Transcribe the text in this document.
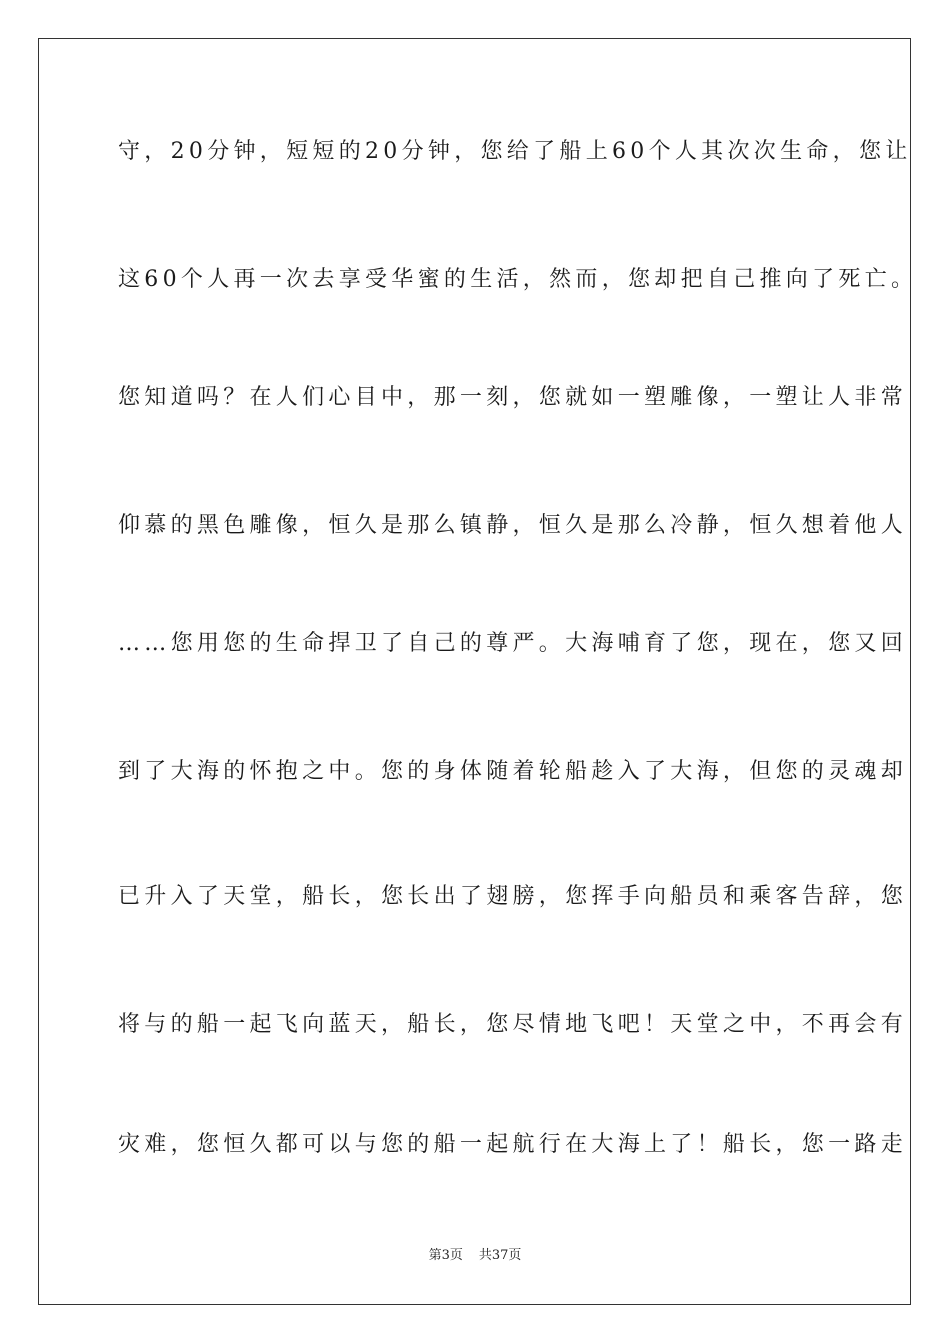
守，20分钟，短短的20分钟，您给了船上60个人其次次生命，您让
这60个人再一次去享受华蜜的生活，然而，您却把自己推向了死亡。
您知道吗？在人们心目中，那一刻，您就如一塑雕像，一塑让人非常
仰慕的黑色雕像，恒久是那么镇静，恒久是那么冷静，恒久想着他人
……您用您的生命捍卫了自己的尊严。大海哺育了您，现在，您又回
到了大海的怀抱之中。您的身体随着轮船趁入了大海，但您的灵魂却
已升入了天堂，船长，您长出了翅膀，您挥手向船员和乘客告辞，您
将与的船一起飞向蓝天，船长，您尽情地飞吧！天堂之中，不再会有
灾难，您恒久都可以与您的船一起航行在大海上了！船长，您一路走
第3页 共37页
